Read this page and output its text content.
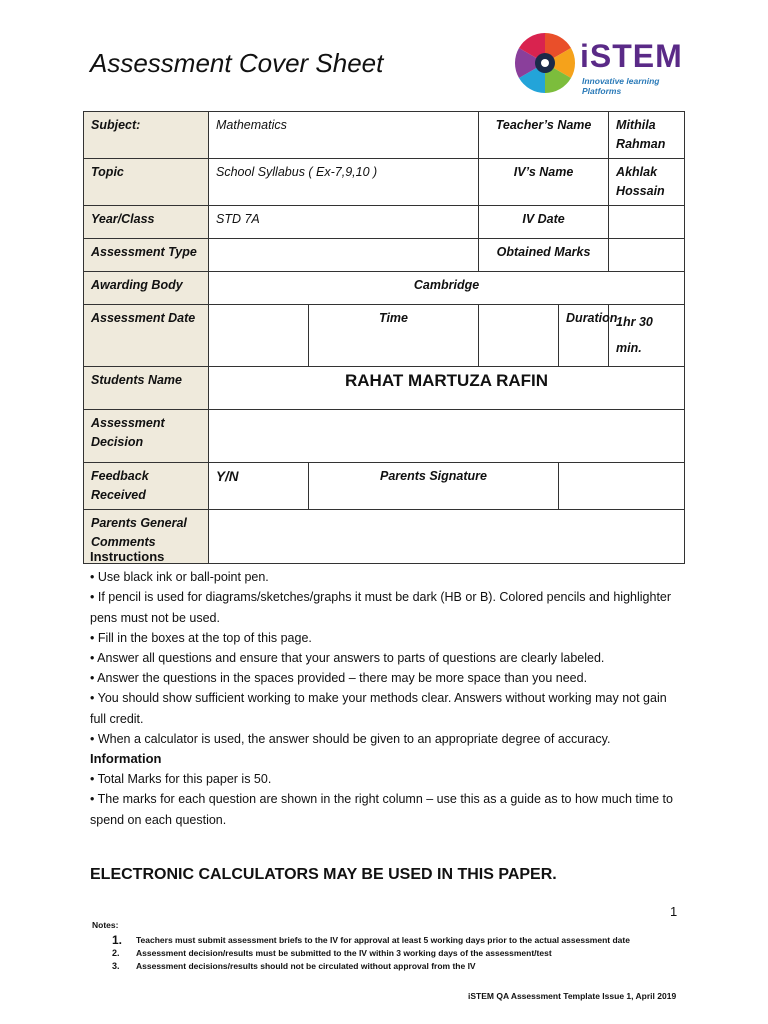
Assessment Cover Sheet	iSTEM
Innovative learning Platforms
Subject:	Mathematics		Teacher’s Name		Mithila Rahman
Topic	School Syllabus ( Ex-7,9,10 )		IV’s Name		Akhlak Hossain
Year/Class	STD 7A		IV Date		
Assessment Type			Obtained Marks		
Awarding Body	Cambridge				
Assessment Date		Time		Duration	1hr 30
min.
Students Name	RAHAT MARTUZA RAFIN				
Assessment
Decision					
Feedback Received	Y/N	Parents Signature			
Parents General
Comments					

Instructions

• Use black ink or ball-point pen.

• If pencil is used for diagrams/sketches/graphs it must be dark (HB or B). Colored pencils and highlighter pens must not be used.

• Fill in the boxes at the top of this page.

• Answer all questions and ensure that your answers to parts of questions are clearly labeled.

• Answer the questions in the spaces provided – there may be more space than you need.

• You should show sufficient working to make your methods clear. Answers without working may not gain full credit.

• When a calculator is used, the answer should be given to an appropriate degree of accuracy.

Information

• Total Marks for this paper is 50.

• The marks for each question are shown in the right column – use this as a guide as to how much time to spend on each question.

ELECTRONIC CALCULATORS MAY BE USED IN THIS PAPER.
1
Notes:
1. Teachers must submit assessment briefs to the IV for approval at least 5 working days prior to the actual assessment date
2. Assessment decision/results must be submitted to the IV within 3 working days of the assessment/test
3. Assessment decisions/results should not be circulated without approval from the IV
iSTEM QA Assessment Template Issue 1, April 2019
